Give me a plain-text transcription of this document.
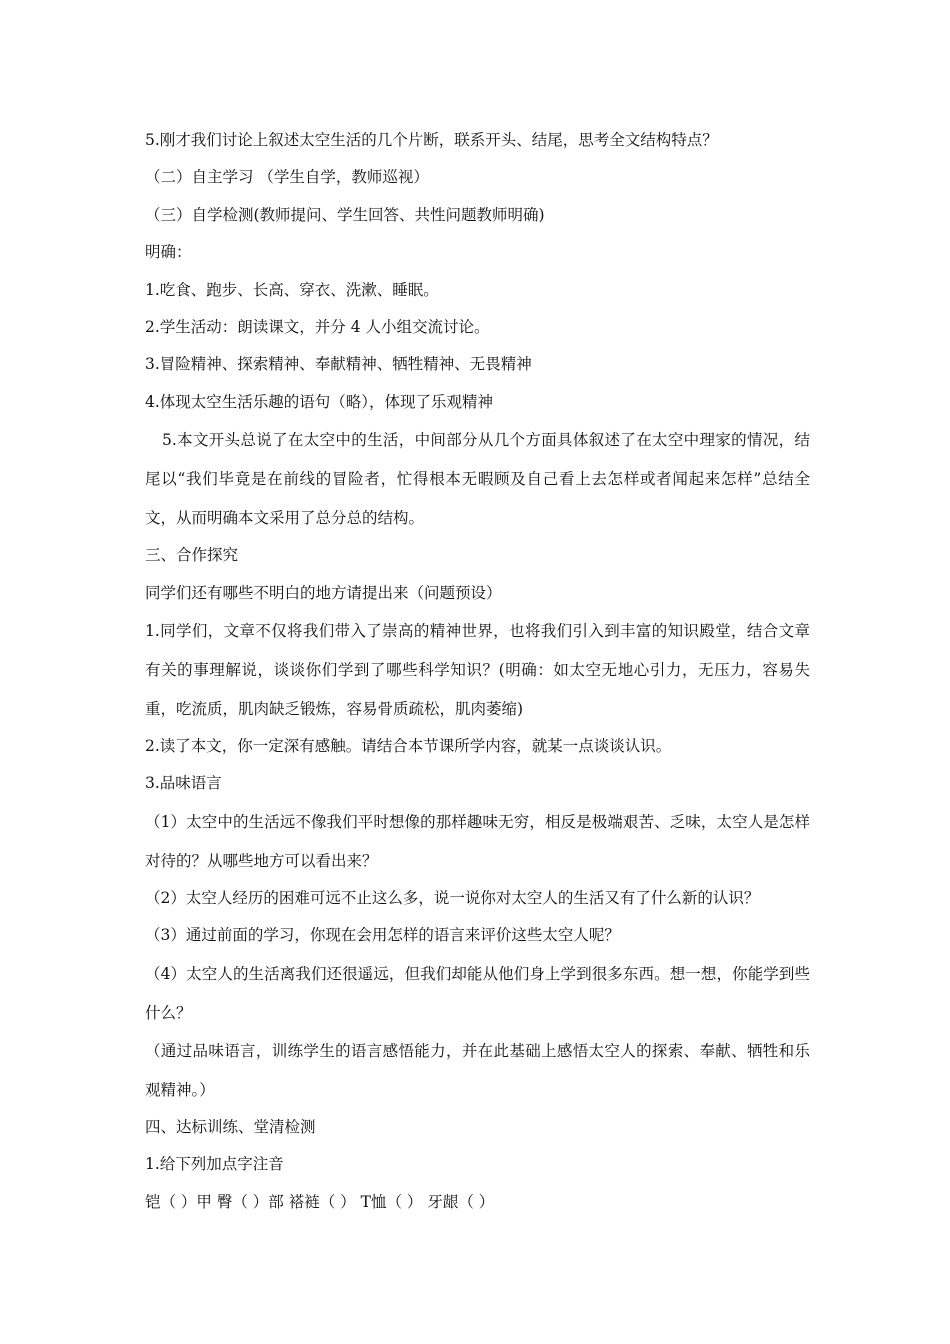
5.刚才我们讨论上叙述太空生活的几个片断，联系开头、结尾，思考全文结构特点？

（二）自主学习 （学生自学，教师巡视）

（三）自学检测(教师提问、学生回答、共性问题教师明确)

明确：

1.吃食、跑步、长高、穿衣、洗漱、睡眠。

2.学生活动：朗读课文，并分 4 人小组交流讨论。

3.冒险精神、探索精神、奉献精神、牺牲精神、无畏精神

4.体现太空生活乐趣的语句（略），体现了乐观精神

5.本文开头总说了在太空中的生活，中间部分从几个方面具体叙述了在太空中理家的情况，结尾以“我们毕竟是在前线的冒险者，忙得根本无暇顾及自己看上去怎样或者闻起来怎样”总结全文，从而明确本文采用了总分总的结构。

三、合作探究

同学们还有哪些不明白的地方请提出来（问题预设）

1.同学们，文章不仅将我们带入了崇高的精神世界，也将我们引入到丰富的知识殿堂，结合文章有关的事理解说，谈谈你们学到了哪些科学知识？(明确：如太空无地心引力，无压力，容易失重，吃流质，肌肉缺乏锻炼，容易骨质疏松，肌肉萎缩)

2.读了本文，你一定深有感触。请结合本节课所学内容，就某一点谈谈认识。

3.品味语言

（1）太空中的生活远不像我们平时想像的那样趣味无穷，相反是极端艰苦、乏味，太空人是怎样对待的？从哪些地方可以看出来？

（2）太空人经历的困难可远不止这么多，说一说你对太空人的生活又有了什么新的认识？

（3）通过前面的学习，你现在会用怎样的语言来评价这些太空人呢？

（4）太空人的生活离我们还很遥远，但我们却能从他们身上学到很多东西。想一想，你能学到些什么？

（通过品味语言，训练学生的语言感悟能力，并在此基础上感悟太空人的探索、奉献、牺牲和乐观精神。）

四、达标训练、堂清检测

1.给下列加点字注音

铠（ ）甲 臀（ ）部 褡裢（ ） T恤（ ） 牙龈（ ）
